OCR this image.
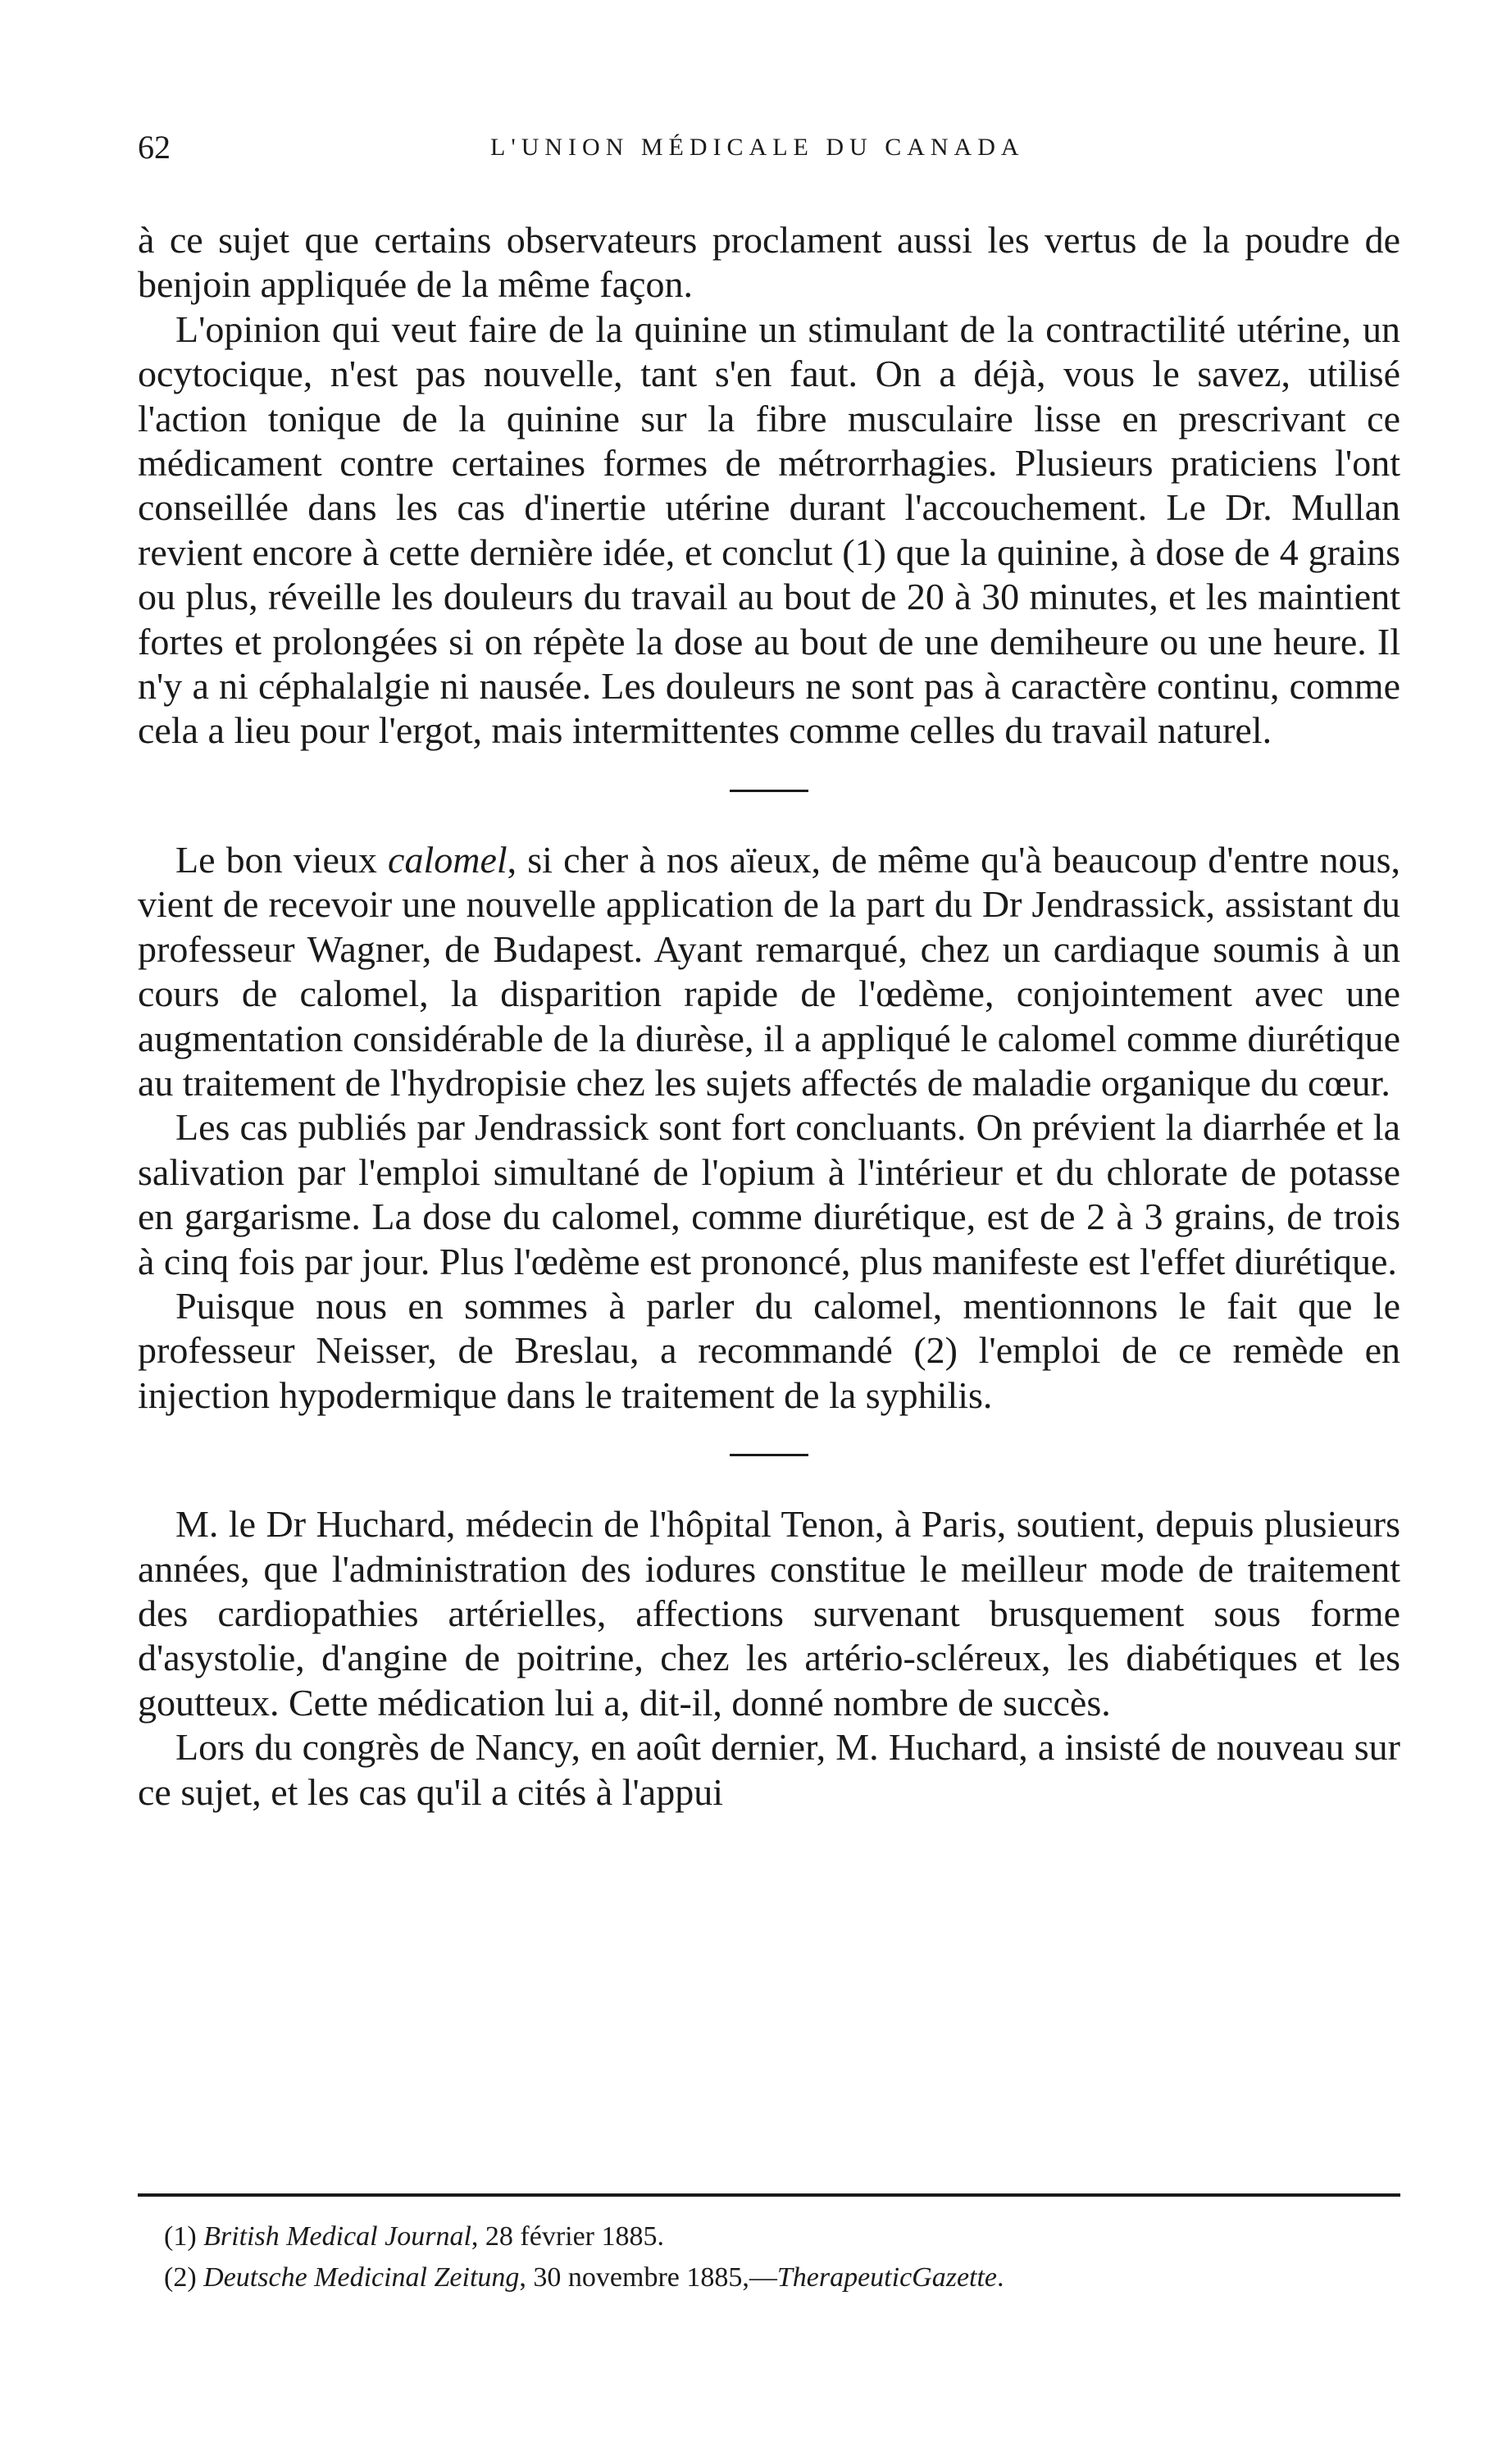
62	L'UNION MÉDICALE DU CANADA

à ce sujet que certains observateurs proclament aussi les vertus de la poudre de benjoin appliquée de la même façon.

L'opinion qui veut faire de la quinine un stimulant de la contractilité utérine, un ocytocique, n'est pas nouvelle, tant s'en faut. On a déjà, vous le savez, utilisé l'action tonique de la quinine sur la fibre musculaire lisse en prescrivant ce médicament contre certaines formes de métrorrhagies. Plusieurs praticiens l'ont conseillée dans les cas d'inertie utérine durant l'accouchement. Le Dr. Mullan revient encore à cette dernière idée, et conclut (1) que la quinine, à dose de 4 grains ou plus, réveille les douleurs du travail au bout de 20 à 30 minutes, et les maintient fortes et prolongées si on répète la dose au bout de une demiheure ou une heure. Il n'y a ni céphalalgie ni nausée. Les douleurs ne sont pas à caractère continu, comme cela a lieu pour l'ergot, mais intermittentes comme celles du travail naturel.

Le bon vieux calomel, si cher à nos aïeux, de même qu'à beaucoup d'entre nous, vient de recevoir une nouvelle application de la part du Dr Jendrassick, assistant du professeur Wagner, de Budapest. Ayant remarqué, chez un cardiaque soumis à un cours de calomel, la disparition rapide de l'œdème, conjointement avec une augmentation considérable de la diurèse, il a appliqué le calomel comme diurétique au traitement de l'hydropisie chez les sujets affectés de maladie organique du cœur.

Les cas publiés par Jendrassick sont fort concluants. On prévient la diarrhée et la salivation par l'emploi simultané de l'opium à l'intérieur et du chlorate de potasse en gargarisme. La dose du calomel, comme diurétique, est de 2 à 3 grains, de trois à cinq fois par jour. Plus l'œdème est prononcé, plus manifeste est l'effet diurétique.

Puisque nous en sommes à parler du calomel, mentionnons le fait que le professeur Neisser, de Breslau, a recommandé (2) l'emploi de ce remède en injection hypodermique dans le traitement de la syphilis.

M. le Dr Huchard, médecin de l'hôpital Tenon, à Paris, soutient, depuis plusieurs années, que l'administration des iodures constitue le meilleur mode de traitement des cardiopathies artérielles, affections survenant brusquement sous forme d'asystolie, d'angine de poitrine, chez les artério-scléreux, les diabétiques et les goutteux. Cette médication lui a, dit-il, donné nombre de succès.

Lors du congrès de Nancy, en août dernier, M. Huchard, a insisté de nouveau sur ce sujet, et les cas qu'il a cités à l'appui

(1) British Medical Journal, 28 février 1885.

(2) Deutsche Medicinal Zeitung, 30 novembre 1885,—TherapeuticGazette.
